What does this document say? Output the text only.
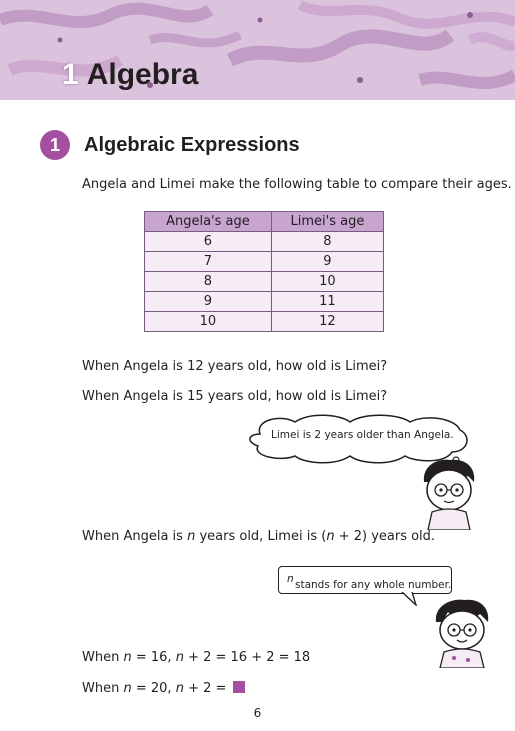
1 Algebra
1	Algebraic Expressions
Angela and Limei make the following table to compare their ages.
Angela's age	Limei's age
6	8
7	9
8	10
9	11
10	12
When Angela is 12 years old, how old is Limei?
When Angela is 15 years old, how old is Limei?
Limei is 2 years older than Angela.
When Angela is n years old, Limei is (n + 2) years old.
n stands for any whole number.
When n = 16, n + 2 = 16 + 2 = 18
When n = 20, n + 2 =
6
